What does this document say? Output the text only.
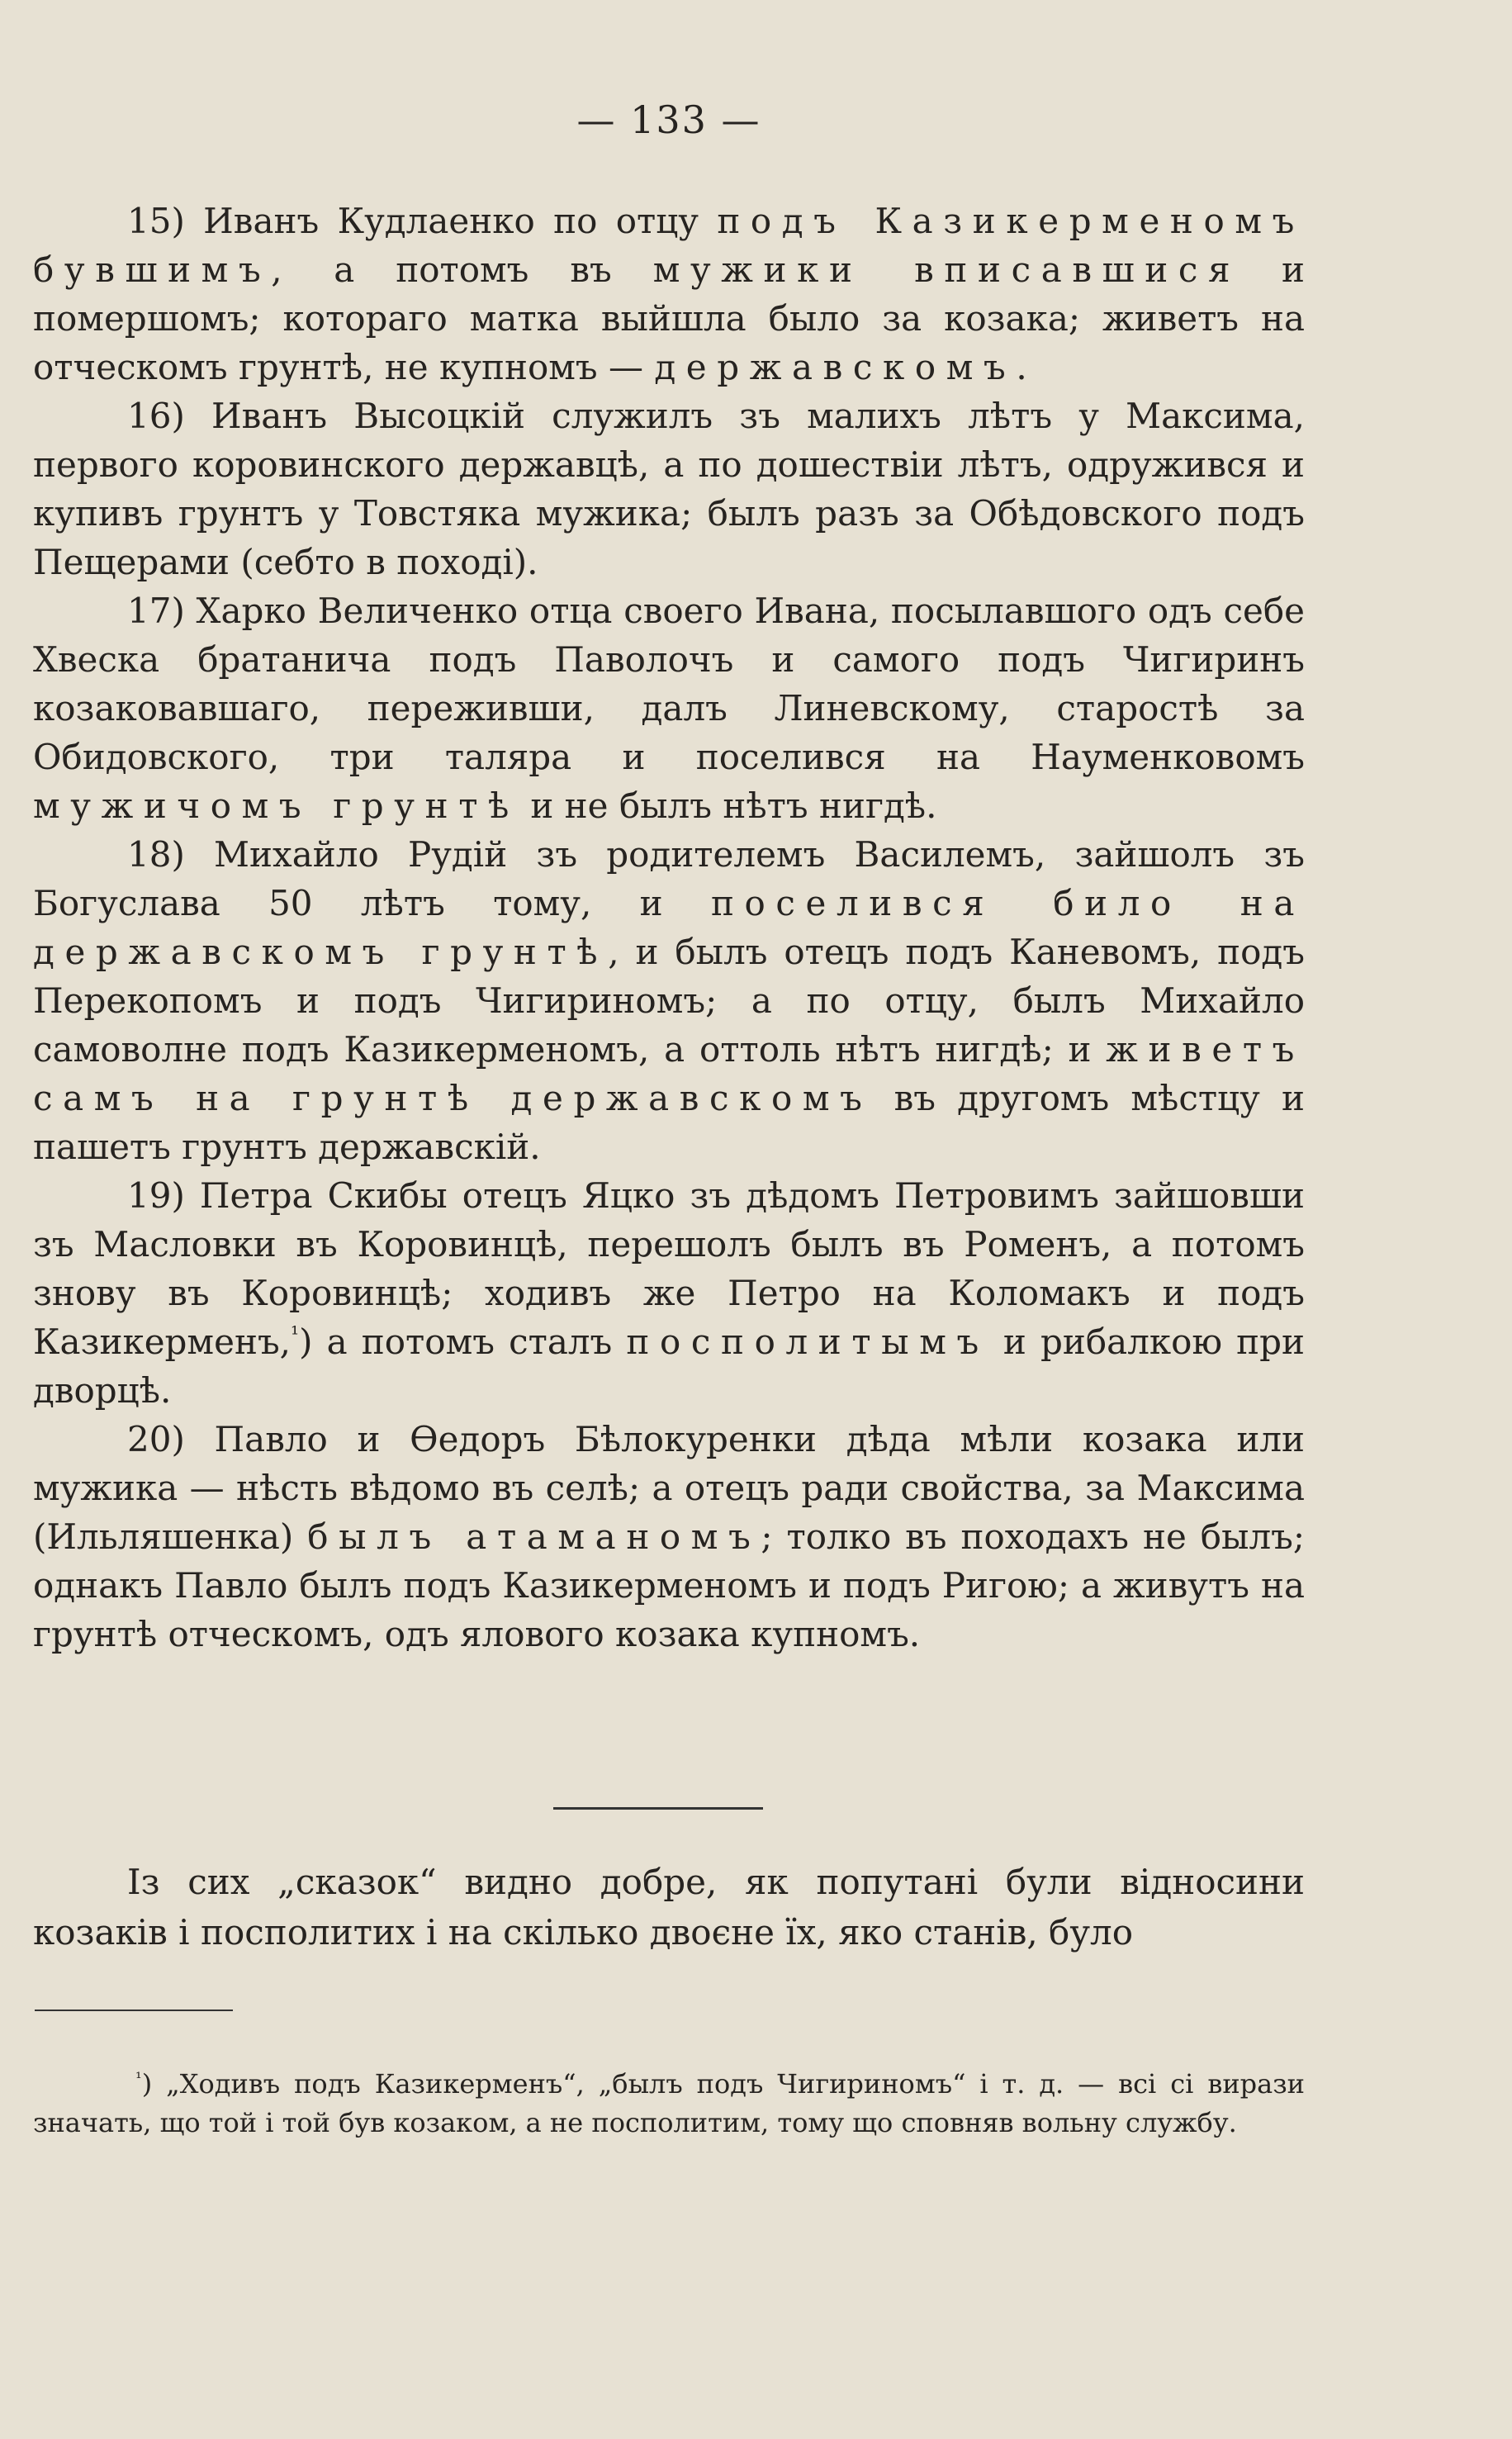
— 133 —

15) Иванъ Кудлаенко по отцу подъ Казикерменомъ бувшимъ, а потомъ въ мужики вписавшися и помершомъ; котораго матка выйшла было за козака; живетъ на отческомъ грунтѣ, не купномъ — державскомъ.

16) Иванъ Высоцкій служилъ зъ малихъ лѣтъ у Максима, первого коровинского державцѣ, а по дошествіи лѣтъ, одружився и купивъ грунтъ у Товстяка мужика; былъ разъ за Обѣдовского подъ Пещерами (себто в поході).

17) Харко Величенко отца своего Ивана, посылавшого одъ себе Хвеска братанича подъ Паволочъ и самого подъ Чигиринъ козаковавшаго, переживши, далъ Линевскому, старостѣ за Обидовского, три таляра и поселився на Науменковомъ мужичомъ грунтѣ и не былъ нѣтъ нигдѣ.

18) Михайло Рудій зъ родителемъ Василемъ, зайшолъ зъ Богуслава 50 лѣтъ тому, и поселився било на державскомъ грунтѣ, и былъ отецъ подъ Каневомъ, подъ Перекопомъ и подъ Чигириномъ; а по отцу, былъ Михайло самоволне подъ Казикерменомъ, а оттоль нѣтъ нигдѣ; и живетъ самъ на грунтѣ державскомъ въ другомъ мѣстцу и пашетъ грунтъ державскій.

19) Петра Скибы отецъ Яцко зъ дѣдомъ Петровимъ зайшовши зъ Масловки въ Коровинцѣ, перешолъ былъ въ Роменъ, а потомъ знову въ Коровинцѣ; ходивъ же Петро на Коломакъ и подъ Казикерменъ,$^{^1}$) а потомъ сталъ посполитымъ и рибалкою при дворцѣ.

20) Павло и Ѳедоръ Бѣлокуренки дѣда мѣли козака или мужика — нѣсть вѣдомо въ селѣ; а отецъ ради свойства, за Максима (Ильляшенка) былъ атаманомъ; толко въ походахъ не былъ; однакъ Павло былъ подъ Казикерменомъ и подъ Ригою; а живутъ на грунтѣ отческомъ, одъ ялового козака купномъ.

Із сих „сказок“ видно добре, як попутані були відносини козаків і посполитих і на скілько двоєне їх, яко станів, було

$^{^1}$) „Ходивъ подъ Казикерменъ“, „былъ подъ Чигириномъ“ і т. д. — всі сі вирази значать, що той і той був козаком, а не посполитим, тому що сповняв вольну службу.
